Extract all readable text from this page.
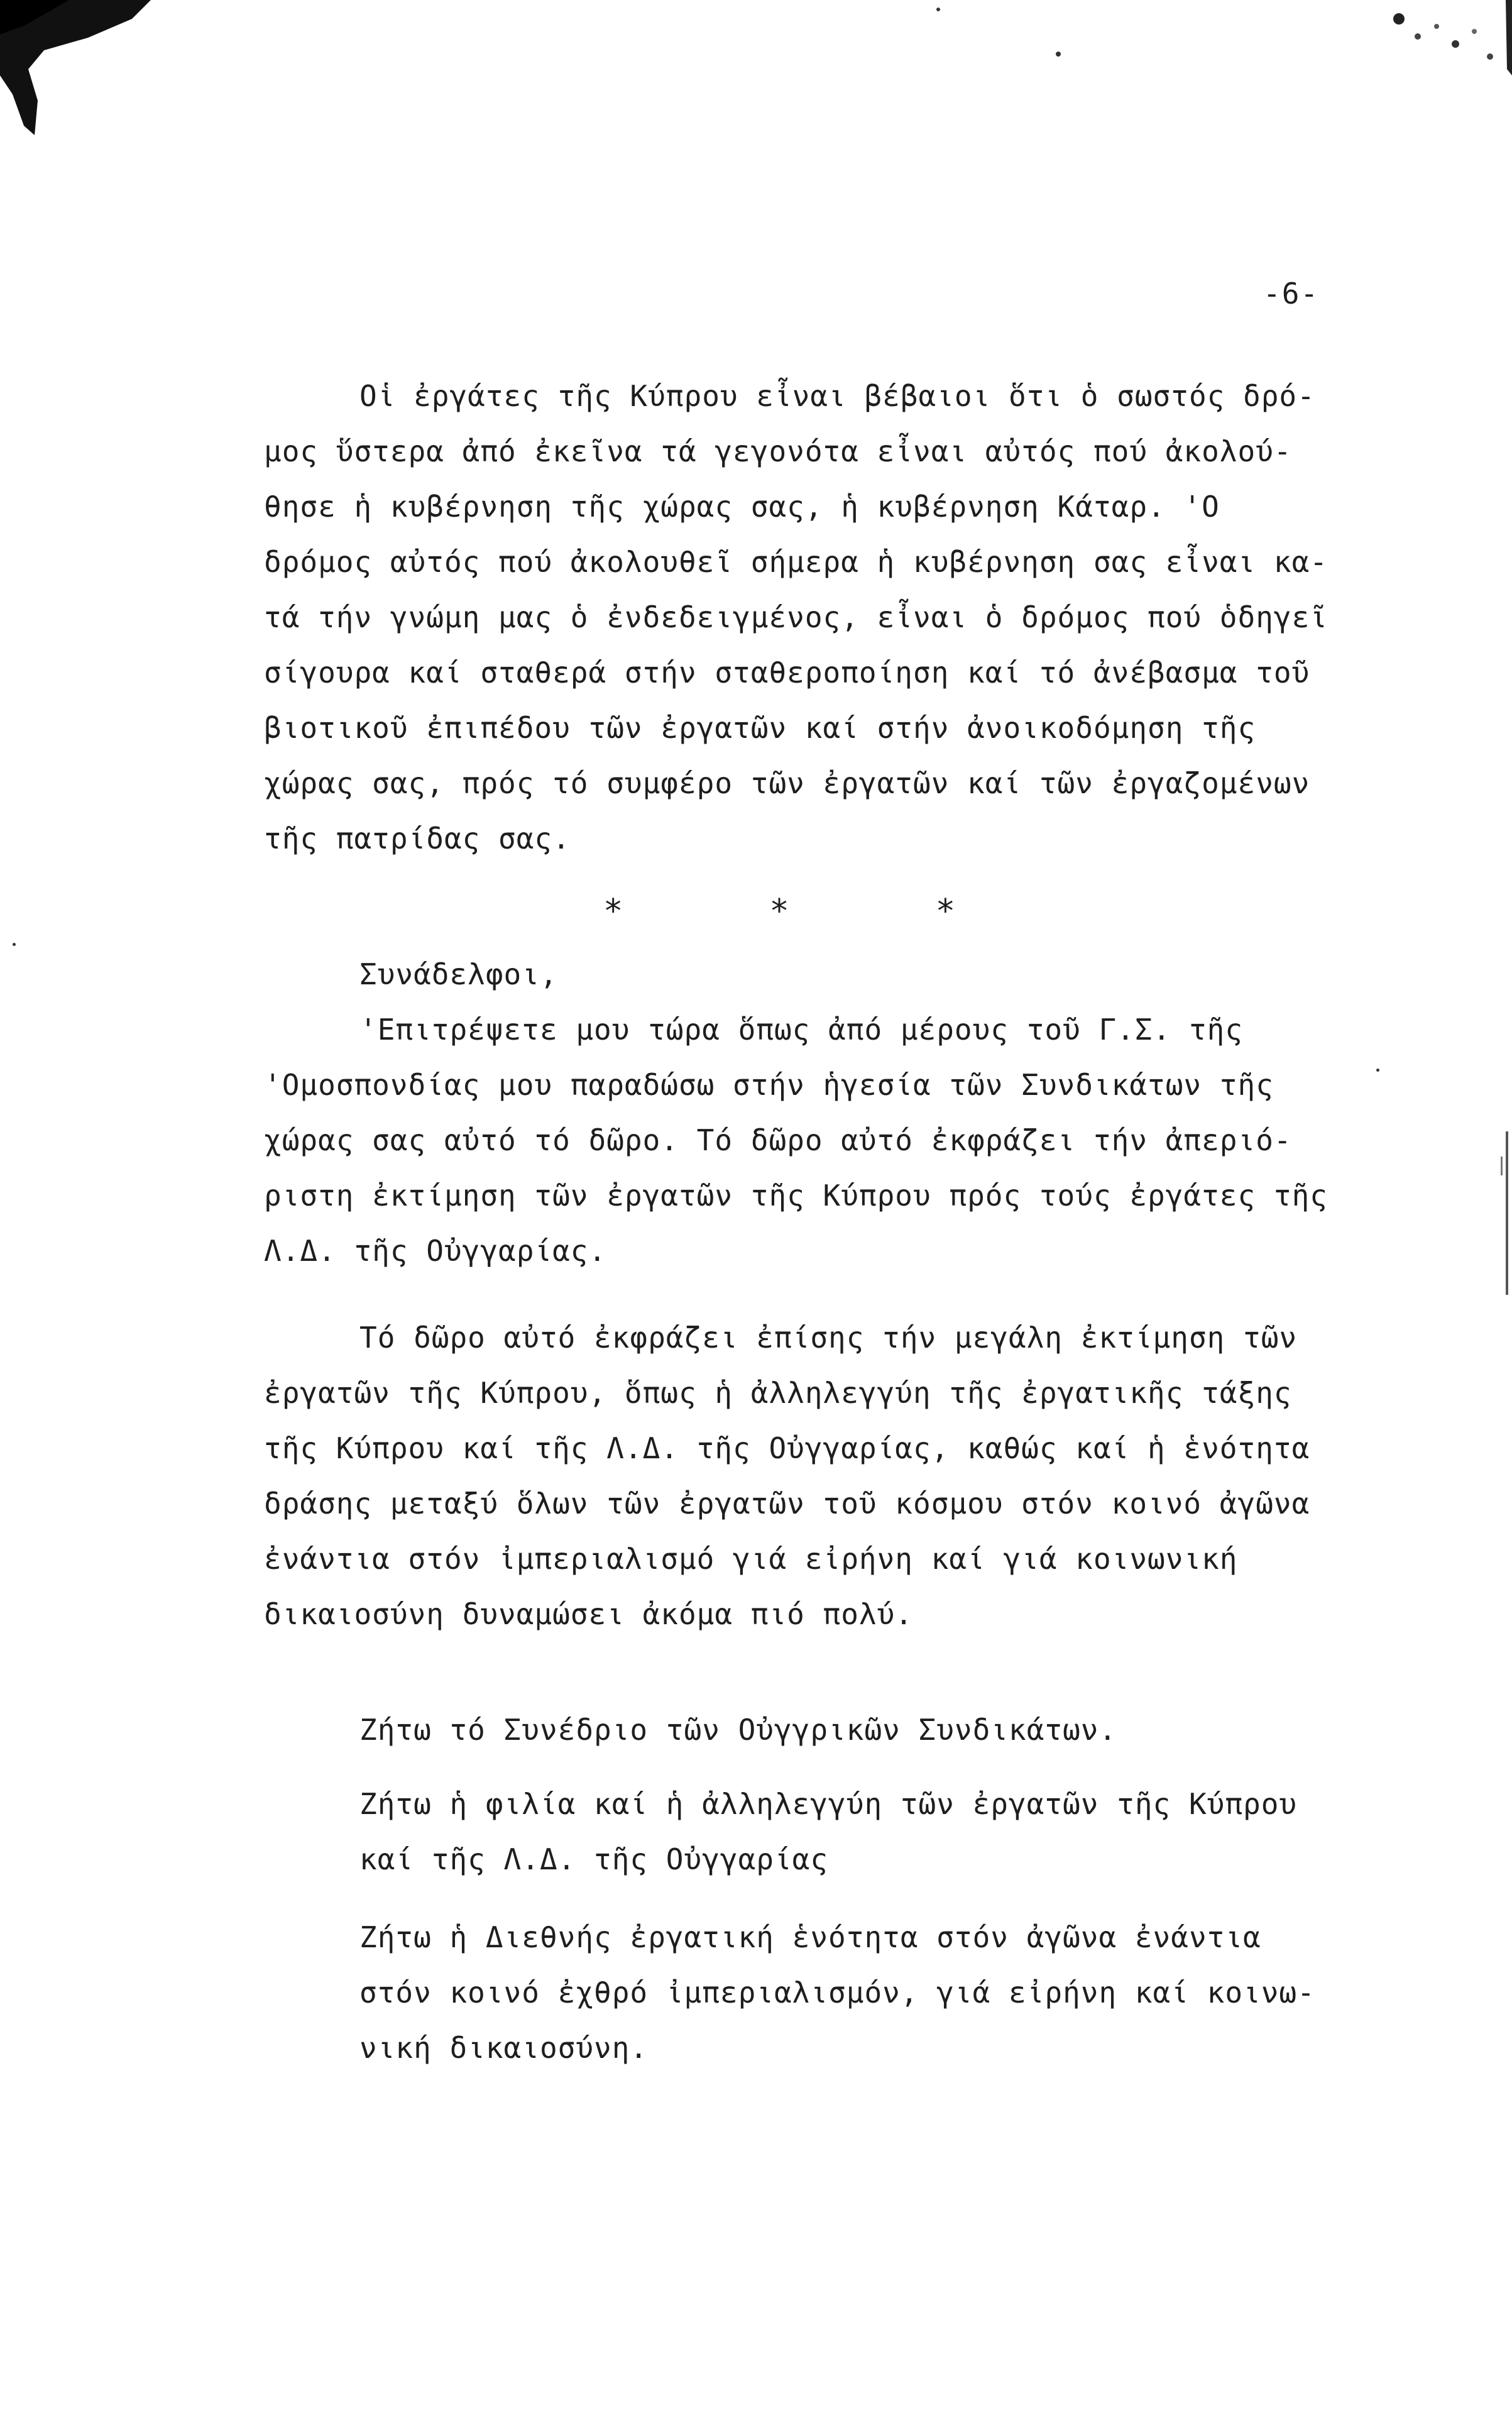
-6-
Οἱ ἐργάτες τῆς Κύπρου εἶναι βέβαιοι ὅτι ὁ σωστός δρό-
μος ὕστερα ἀπό ἐκεῖνα τά γεγονότα εἶναι αὐτός πού ἀκολού-
θησε ἡ κυβέρνηση τῆς χώρας σας, ἡ κυβέρνηση Κάταρ. 'Ο
δρόμος αὐτός πού ἀκολουθεῖ σήμερα ἡ κυβέρνηση σας εἶναι κα-
τά τήν γνώμη μας ὁ ἐνδεδειγμένος, εἶναι ὁ δρόμος πού ὁδηγεῖ
σίγουρα καί σταθερά στήν σταθεροποίηση καί τό ἀνέβασμα τοῦ
βιοτικοῦ ἐπιπέδου τῶν ἐργατῶν καί στήν ἀνοικοδόμηση τῆς
χώρας σας, πρός τό συμφέρο τῶν ἐργατῶν καί τῶν ἐργαζομένων
τῆς πατρίδας σας.
*	*	*
Συνάδελφοι,
'Επιτρέψετε μου τώρα ὅπως ἀπό μέρους τοῦ Γ.Σ. τῆς
'Ομοσπονδίας μου παραδώσω στήν ἡγεσία τῶν Συνδικάτων τῆς
χώρας σας αὐτό τό δῶρο. Τό δῶρο αὐτό ἐκφράζει τήν ἀπεριό-
ριστη ἐκτίμηση τῶν ἐργατῶν τῆς Κύπρου πρός τούς ἐργάτες τῆς
Λ.Δ. τῆς Οὐγγαρίας.
Τό δῶρο αὐτό ἐκφράζει ἐπίσης τήν μεγάλη ἐκτίμηση τῶν
ἐργατῶν τῆς Κύπρου, ὅπως ἡ ἀλληλεγγύη τῆς ἐργατικῆς τάξης
τῆς Κύπρου καί τῆς Λ.Δ. τῆς Οὐγγαρίας, καθώς καί ἡ ἑνότητα
δράσης μεταξύ ὅλων τῶν ἐργατῶν τοῦ κόσμου στόν κοινό ἀγῶνα
ἐνάντια στόν ἰμπεριαλισμό γιά εἰρήνη καί γιά κοινωνική
δικαιοσύνη δυναμώσει ἀκόμα πιό πολύ.
Ζήτω τό Συνέδριο τῶν Οὐγγρικῶν Συνδικάτων.
Ζήτω ἡ φιλία καί ἡ ἀλληλεγγύη τῶν ἐργατῶν τῆς Κύπρου
καί τῆς Λ.Δ. τῆς Οὐγγαρίας
Ζήτω ἡ Διεθνής ἐργατική ἑνότητα στόν ἀγῶνα ἐνάντια
στόν κοινό ἐχθρό ἰμπεριαλισμόν, γιά εἰρήνη καί κοινω-
νική δικαιοσύνη.
